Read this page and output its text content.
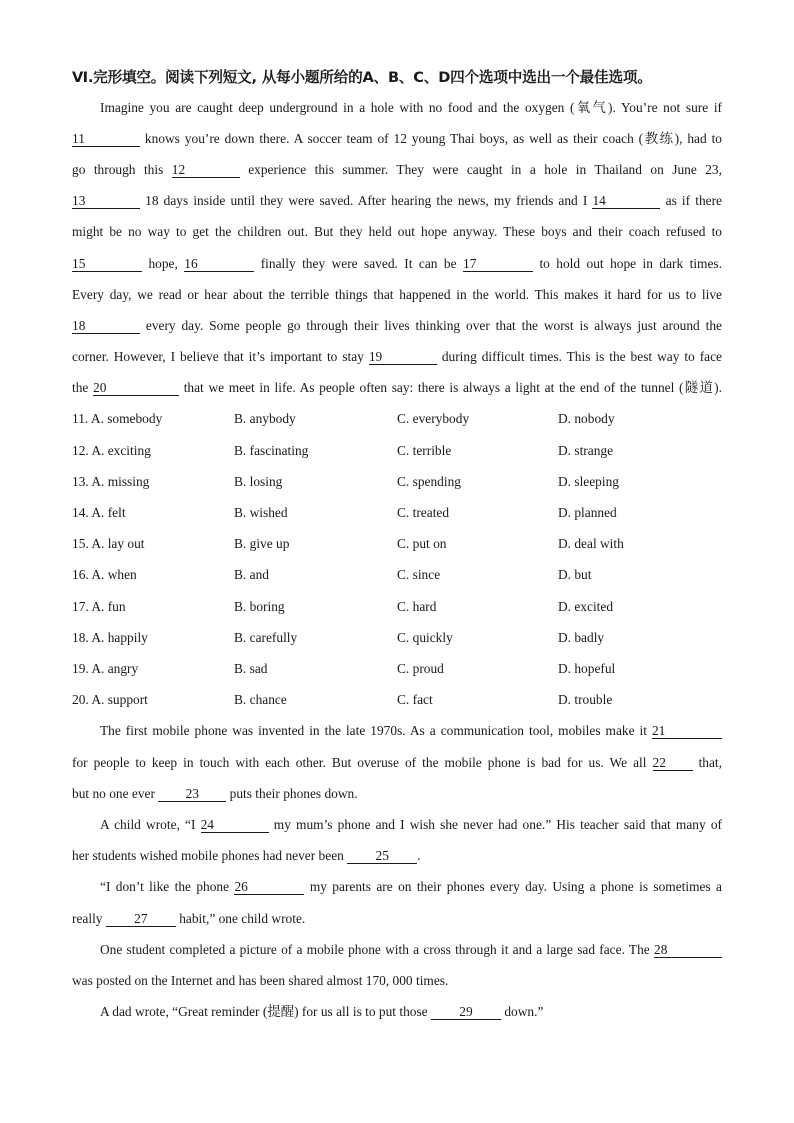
Ⅵ.完形填空。阅读下列短文, 从每小题所给的A、B、C、D四个选项中选出一个最佳选项。
Imagine you are caught deep underground in a hole with no food and the oxygen (氧气). You’re not sure if
11	knows you’re down there. A soccer team of 12 young Thai boys, as well as their coach (教练), had to
go through this 12	experience this summer. They were caught in a hole in Thailand on June 23,
13	18 days inside until they were saved. After hearing the news, my friends and I 14	as if there
might be no way to get the children out. But they held out hope anyway. These boys and their coach refused to
15	hope, 16	finally they were saved. It can be 17	to hold out hope in dark times.
Every day, we read or hear about the terrible things that happened in the world. This makes it hard for us to live
18	every day. Some people go through their lives thinking over that the worst is always just around the
corner. However, I believe that it’s important to stay 19	during difficult times. This is the best way to face
the 20	that we meet in life. As people often say: there is always a light at the end of the tunnel (隧道).
11. A. somebody	B. anybody	C. everybody	D. nobody
12. A. exciting	B. fascinating	C. terrible	D. strange
13. A. missing	B. losing	C. spending	D. sleeping
14. A. felt	B. wished	C. treated	D. planned
15. A. lay out	B. give up	C. put on	D. deal with
16. A. when	B. and	C. since	D. but
17. A. fun	B. boring	C. hard	D. excited
18. A. happily	B. carefully	C. quickly	D. badly
19. A. angry	B. sad	C. proud	D. hopeful
20. A. support	B. chance	C. fact	D. trouble
The first mobile phone was invented in the late 1970s. As a communication tool, mobiles make it 21
for people to keep in touch with each other. But overuse of the mobile phone is bad for us. We all 22 that,
but no one ever 23 puts their phones down.
A child wrote, “I 24	my mum’s phone and I wish she never had one.” His teacher said that many of
her students wished mobile phones had never been 25 .
“I don’t like the phone 26	my parents are on their phones every day. Using a phone is sometimes a
really 27 habit,” one child wrote.
One student completed a picture of a mobile phone with a cross through it and a large sad face. The 28
was posted on the Internet and has been shared almost 170, 000 times.
A dad wrote, “Great reminder (提醒) for us all is to put those 29 down.”
